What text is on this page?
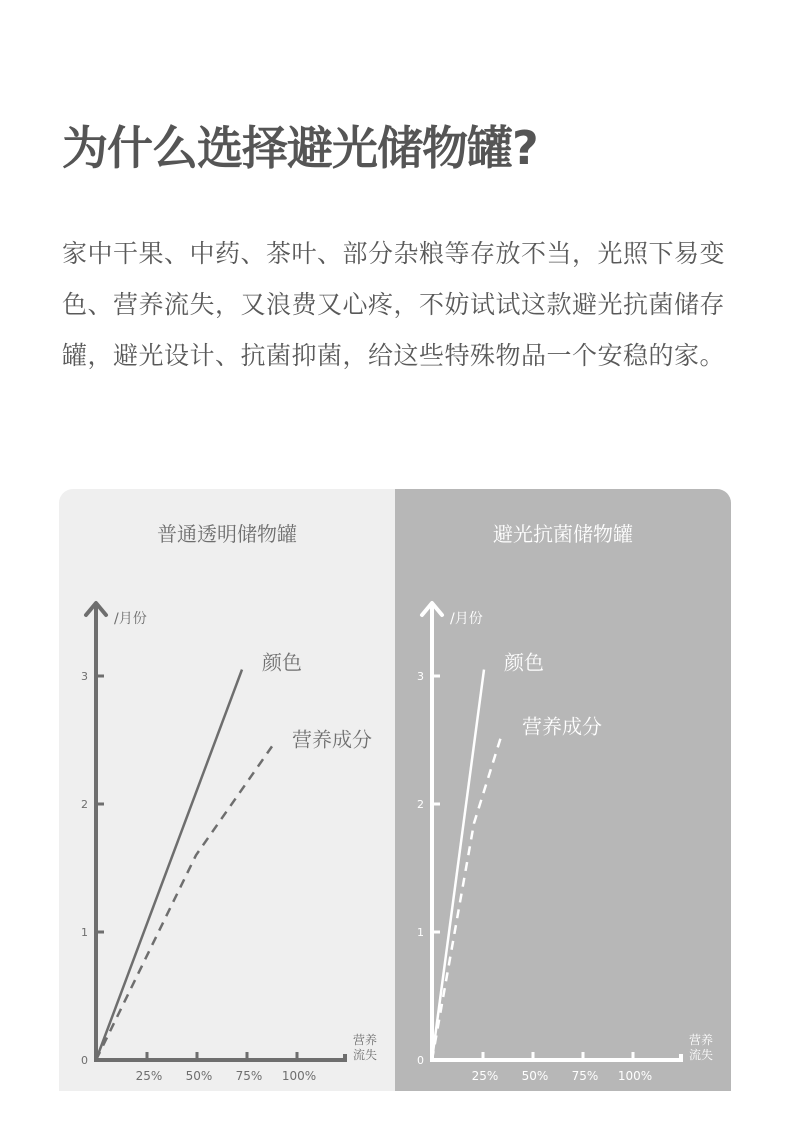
为什么选择避光储物罐?

家中干果、中药、茶叶、部分杂粮等存放不当，光照下易变色、营养流失，又浪费又心疼，不妨试试这款避光抗菌储存罐，避光设计、抗菌抑菌，给这些特殊物品一个安稳的家。

普通透明储物罐
0
1
2
3
25% 50% 75% 100%
/月份
营养流失
颜色
营养成分
避光抗菌储物罐
0
1
2
3
25% 50% 75% 100%
/月份
营养流失
颜色
营养成分
